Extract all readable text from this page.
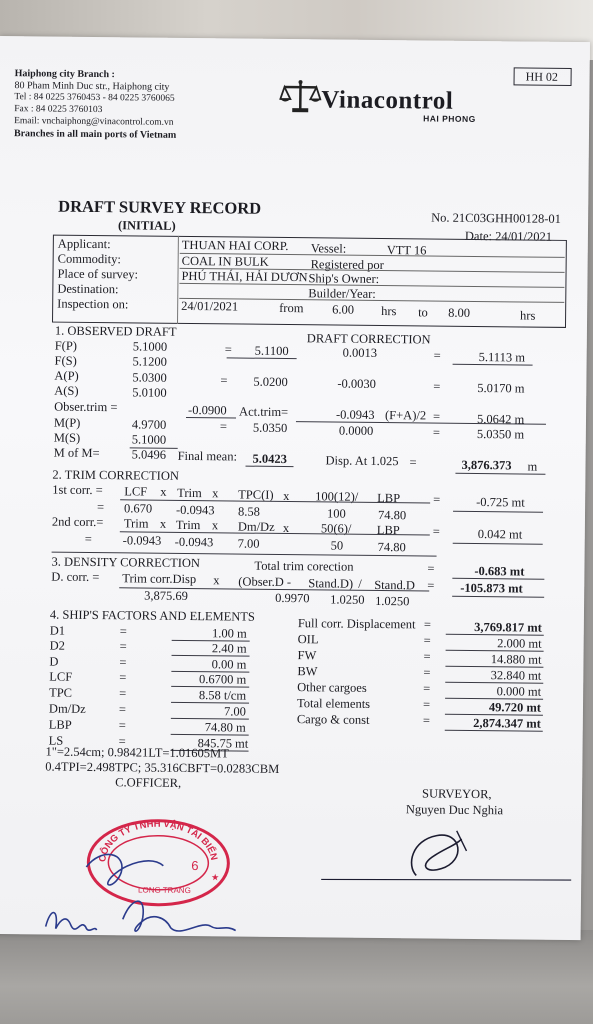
Haiphong city Branch :
80 Pham Minh Duc str., Haiphong city
Tel : 84 0225 3760453 - 84 0225 3760065
Fax : 84 0225 3760103
Email: vnchaiphong@vinacontrol.com.vn
Branches in all main ports of Vietnam
HH 02
Vinacontrol
HAI PHONG
DRAFT SURVEY RECORD
(INITIAL)	No. 21C03GHH00128-01
Date: 24/01/2021
Applicant:	THUAN HAI CORP. Vessel:	VTT 16
Commodity:	COAL IN BULK	Registered por
Place of survey:	PHÚ THÁI, HẢI DƯƠN Ship's Owner:
Destination:	Builder/Year:
Inspection on:	24/01/2021	from 6.00 hrs to 8.00	hrs
1. OBSERVED DRAFT
DRAFT CORRECTION
F(P)	5.1000	= 5.1100	0.0013	=	5.1113 m
F(S)	5.1200
A(P)	5.0300	= 5.0200	-0.0030	=	5.0170 m
A(S)	5.0100
Obser.trim =	-0.0900 Act.trim=	-0.0943 (F+A)/2 =	5.0642 m
M(P)	4.9700	= 5.0350	0.0000	=	5.0350 m
M(S)	5.1000
M of M=	5.0496 Final mean: 5.0423	Disp. At 1.025 =	3,876.373 m
2. TRIM CORRECTION
1st corr. = LCF x Trim x TPC(I) x 100(12)/ LBP	=	-0.725 mt
= 0.670 -0.0943 8.58	100	74.80
2nd corr.= Trim x Trim x Dm/Dz x	50(6)/ LBP	=	0.042 mt
= -0.0943 -0.0943 7.00	50	74.80
3. DENSITY CORRECTION	Total trim corection	=	-0.683 mt
D. corr. = Trim corr.Disp x (Obser.D - Stand.D) / Stand.D = -105.873 mt
3,875.69	0.9970 1.0250 1.0250
4. SHIP'S FACTORS AND ELEMENTS
D1	=	1.00 m
D2	=	2.40 m
D	=	0.00 m
LCF	=	0.6700 m
TPC	=	8.58 t/cm
Dm/Dz	=	7.00
LBP	=	74.80 m
LS	=	845.75 mt
Full corr. Displacement =	3,769.817 mt
OIL	=	2.000 mt
FW	=	14.880 mt
BW	=	32.840 mt
Other cargoes	=	0.000 mt
Total elements	=	49.720 mt
Cargo & const	=	2,874.347 mt
1"=2.54cm; 0.98421LT=1.01605MT
0.4TPI=2.498TPC; 35.316CBFT=0.0283CBM
C.OFFICER,
SURVEYOR,
Nguyen Duc Nghia
CÔNG TY TNHH VẬN TẢI BIỂN
LONG TRANG
6
★
